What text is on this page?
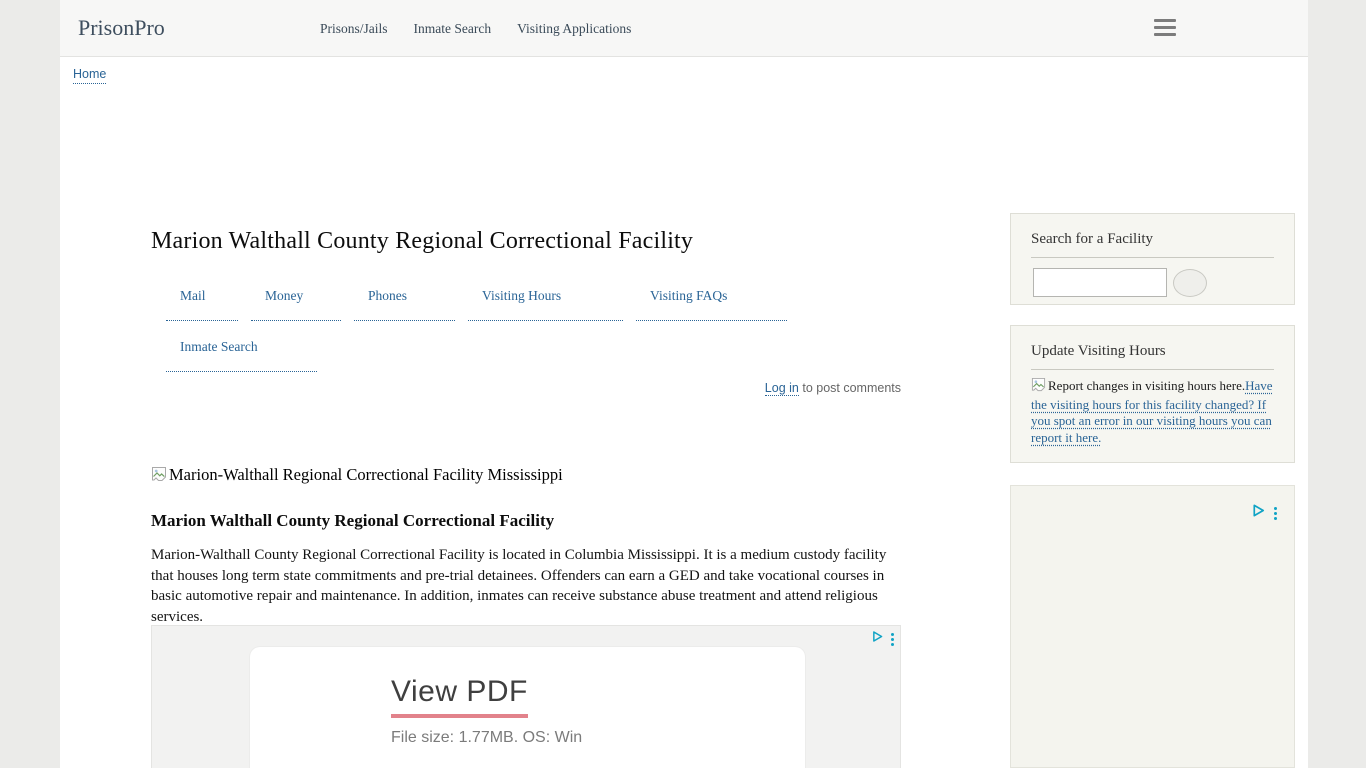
PrisonPro	Prisons/Jails Inmate Search Visiting Applications
Home
Marion Walthall County Regional Correctional Facility
Mail	Money	Phones	Visiting Hours	Visiting FAQs
Inmate Search
Log in to post comments
Marion-Walthall Regional Correctional Facility Mississippi
Marion Walthall County Regional Correctional Facility

Marion-Walthall County Regional Correctional Facility is located in Columbia Mississippi. It is a medium custody facility that houses long term state commitments and pre-trial detainees. Offenders can earn a GED and take vocational courses in basic automotive repair and maintenance. In addition, inmates can receive substance abuse treatment and attend religious services.

View PDF
File size: 1.77MB. OS: Win
Search for a Facility
Update Visiting Hours

Report changes in visiting hours here.Have the visiting hours for this facility changed? If you spot an error in our visiting hours you can report it here.
